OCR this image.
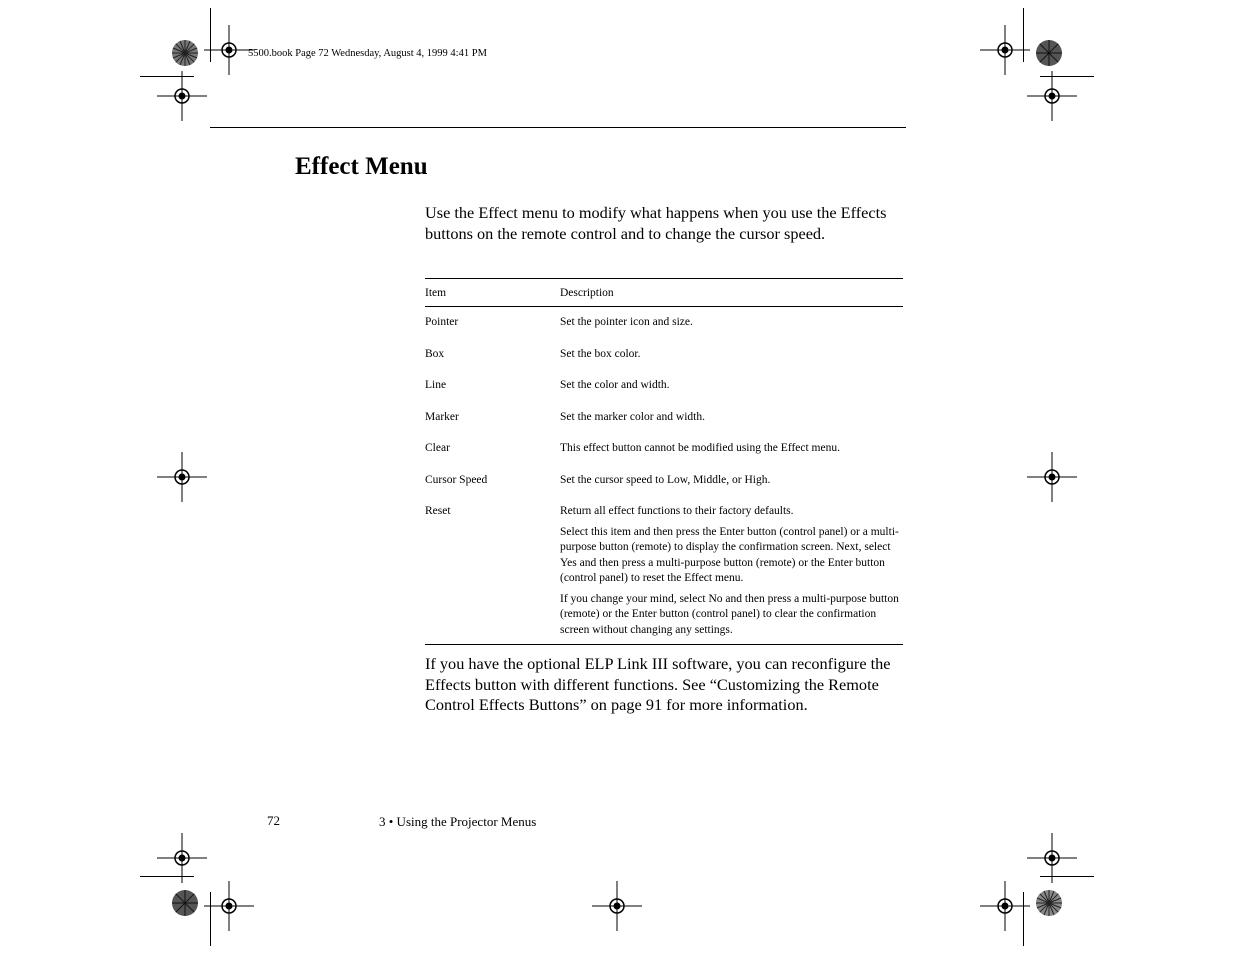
5500.book Page 72 Wednesday, August 4, 1999 4:41 PM
Effect Menu

Use the Effect menu to modify what happens when you use the Effects buttons on the remote control and to change the cursor speed.

Item	Description
Pointer	Set the pointer icon and size.

Box	Set the box color.

Line	Set the color and width.

Marker	Set the marker color and width.

Clear	This effect button cannot be modified using the Effect menu.

Cursor Speed	Set the cursor speed to Low, Middle, or High.

Reset	Return all effect functions to their factory defaults.

Select this item and then press the Enter button (control panel) or a multi-purpose button (remote) to display the confirmation screen. Next, select Yes and then press a multi-purpose button (remote) or the Enter button (control panel) to reset the Effect menu.

If you change your mind, select No and then press a multi-purpose button (remote) or the Enter button (control panel) to clear the confirmation screen without changing any settings.

If you have the optional ELP Link III software, you can reconfigure the Effects button with different functions. See “Customizing the Remote Control Effects Buttons” on page 91 for more information.

72	3 • Using the Projector Menus
